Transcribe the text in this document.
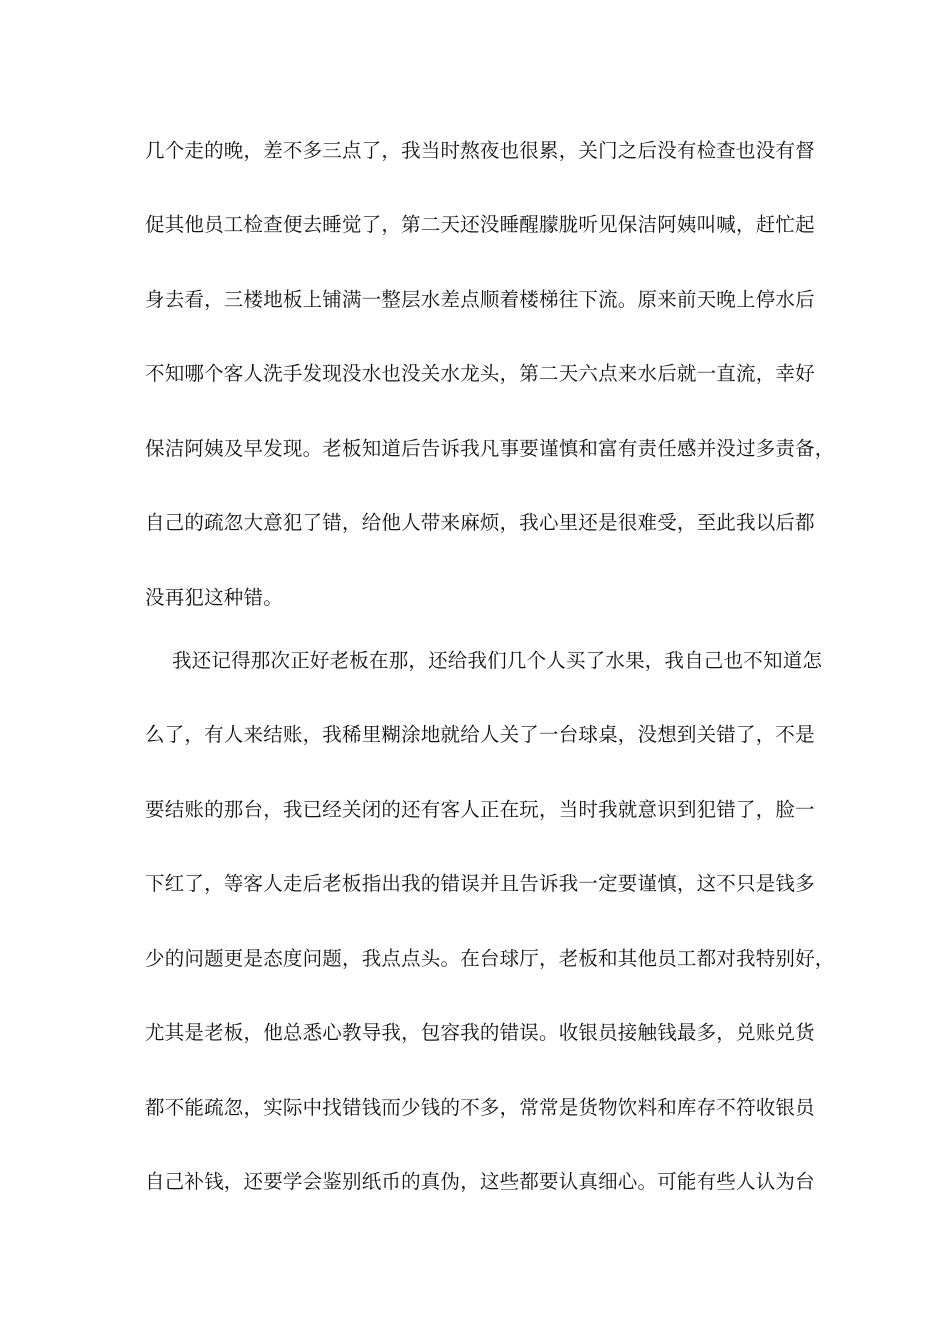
几个走的晚，差不多三点了，我当时熬夜也很累，关门之后没有检查也没有督
促其他员工检查便去睡觉了，第二天还没睡醒朦胧听见保洁阿姨叫喊，赶忙起
身去看，三楼地板上铺满一整层水差点顺着楼梯往下流。原来前天晚上停水后
不知哪个客人洗手发现没水也没关水龙头，第二天六点来水后就一直流，幸好
保洁阿姨及早发现。老板知道后告诉我凡事要谨慎和富有责任感并没过多责备，
自己的疏忽大意犯了错，给他人带来麻烦，我心里还是很难受，至此我以后都
没再犯这种错。
我还记得那次正好老板在那，还给我们几个人买了水果，我自己也不知道怎
么了，有人来结账，我稀里糊涂地就给人关了一台球桌，没想到关错了，不是
要结账的那台，我已经关闭的还有客人正在玩，当时我就意识到犯错了，脸一
下红了，等客人走后老板指出我的错误并且告诉我一定要谨慎，这不只是钱多
少的问题更是态度问题，我点点头。在台球厅，老板和其他员工都对我特别好，
尤其是老板，他总悉心教导我，包容我的错误。收银员接触钱最多，兑账兑货
都不能疏忽，实际中找错钱而少钱的不多，常常是货物饮料和库存不符收银员
自己补钱，还要学会鉴别纸币的真伪，这些都要认真细心。可能有些人认为台
